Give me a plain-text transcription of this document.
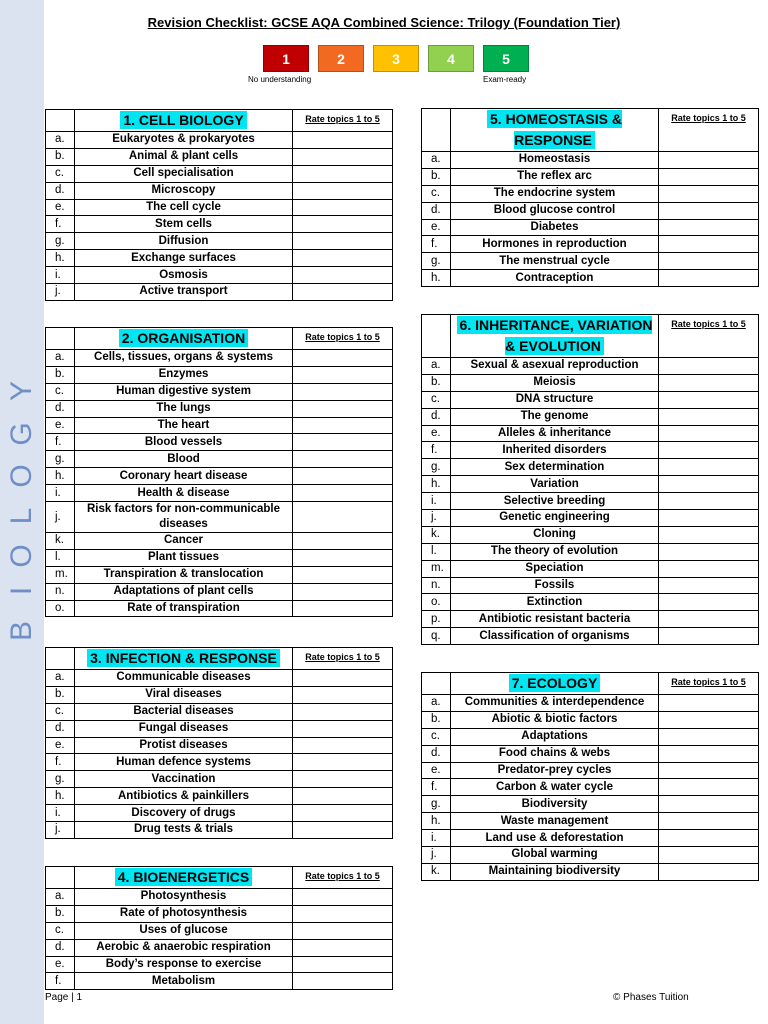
B
I
O
L
O
G
Y
Revision Checklist: GCSE AQA Combined Science: Trilogy (Foundation Tier)
1	2	3	4	5
No understanding	Exam-ready
	1. CELL BIOLOGY	Rate topics 1 to 5
a.	Eukaryotes & prokaryotes	
b.	Animal & plant cells	
c.	Cell specialisation	
d.	Microscopy	
e.	The cell cycle	
f.	Stem cells	
g.	Diffusion	
h.	Exchange surfaces	
i.	Osmosis	
j.	Active transport	
	2. ORGANISATION	Rate topics 1 to 5
a.	Cells, tissues, organs & systems	
b.	Enzymes	
c.	Human digestive system	
d.	The lungs	
e.	The heart	
f.	Blood vessels	
g.	Blood	
h.	Coronary heart disease	
i.	Health & disease	
j.	Risk factors for non-communicable diseases	
k.	Cancer	
l.	Plant tissues	
m.	Transpiration & translocation	
n.	Adaptations of plant cells	
o.	Rate of transpiration	
	3. INFECTION & RESPONSE	Rate topics 1 to 5
a.	Communicable diseases	
b.	Viral diseases	
c.	Bacterial diseases	
d.	Fungal diseases	
e.	Protist diseases	
f.	Human defence systems	
g.	Vaccination	
h.	Antibiotics & painkillers	
i.	Discovery of drugs	
j.	Drug tests & trials	
	4. BIOENERGETICS	Rate topics 1 to 5
a.	Photosynthesis	
b.	Rate of photosynthesis	
c.	Uses of glucose	
d.	Aerobic & anaerobic respiration	
e.	Body’s response to exercise	
f.	Metabolism	
	5. HOMEOSTASIS & RESPONSE	Rate topics 1 to 5
a.	Homeostasis	
b.	The reflex arc	
c.	The endocrine system	
d.	Blood glucose control	
e.	Diabetes	
f.	Hormones in reproduction	
g.	The menstrual cycle	
h.	Contraception	
	6. INHERITANCE, VARIATION & EVOLUTION	Rate topics 1 to 5
a.	Sexual & asexual reproduction	
b.	Meiosis	
c.	DNA structure	
d.	The genome	
e.	Alleles & inheritance	
f.	Inherited disorders	
g.	Sex determination	
h.	Variation	
i.	Selective breeding	
j.	Genetic engineering	
k.	Cloning	
l.	The theory of evolution	
m.	Speciation	
n.	Fossils	
o.	Extinction	
p.	Antibiotic resistant bacteria	
q.	Classification of organisms	
	7. ECOLOGY	Rate topics 1 to 5
a.	Communities & interdependence	
b.	Abiotic & biotic factors	
c.	Adaptations	
d.	Food chains & webs	
e.	Predator-prey cycles	
f.	Carbon & water cycle	
g.	Biodiversity	
h.	Waste management	
i.	Land use & deforestation	
j.	Global warming	
k.	Maintaining biodiversity	
Page | 1	© Phases Tuition
